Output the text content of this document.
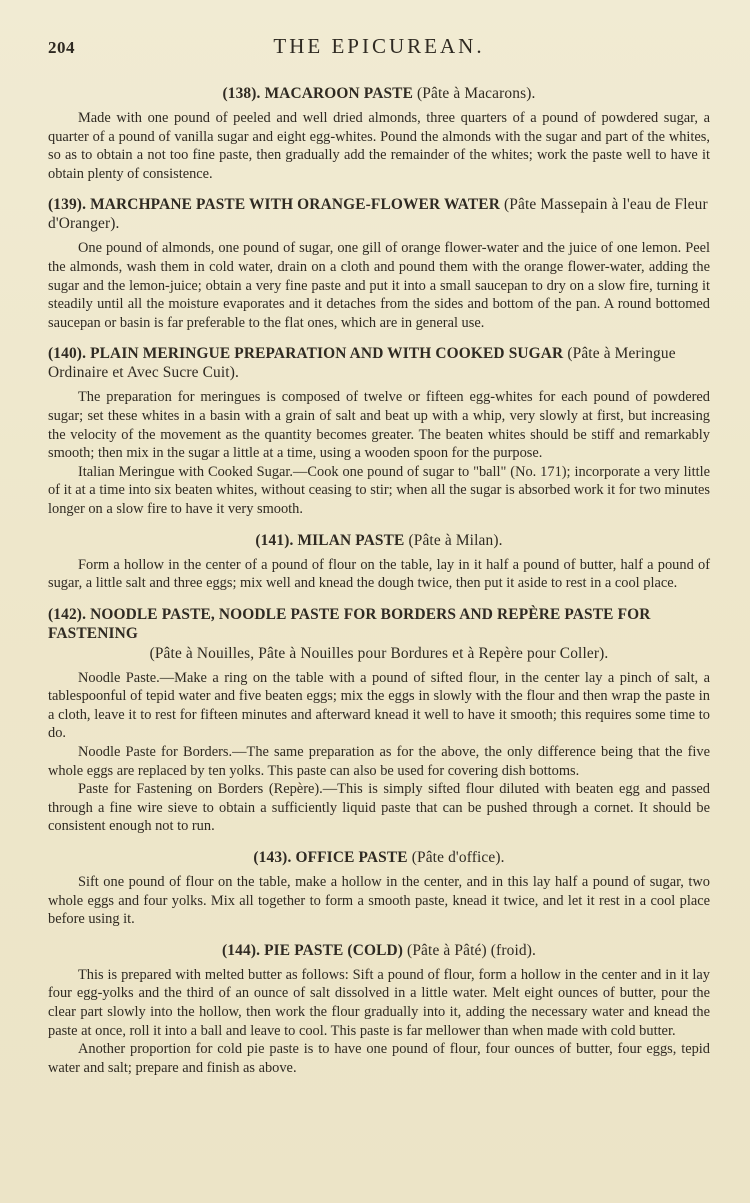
204	THE EPICUREAN.
(138). MACAROON PASTE (Pâte à Macarons).

Made with one pound of peeled and well dried almonds, three quarters of a pound of powdered sugar, a quarter of a pound of vanilla sugar and eight egg-whites. Pound the almonds with the sugar and part of the whites, so as to obtain a not too fine paste, then gradually add the remainder of the whites; work the paste well to have it obtain plenty of consistence.

(139). MARCHPANE PASTE WITH ORANGE-FLOWER WATER (Pâte Massepain à l'eau de Fleur d'Oranger).

One pound of almonds, one pound of sugar, one gill of orange flower-water and the juice of one lemon. Peel the almonds, wash them in cold water, drain on a cloth and pound them with the orange flower-water, adding the sugar and the lemon-juice; obtain a very fine paste and put it into a small saucepan to dry on a slow fire, turning it steadily until all the moisture evaporates and it detaches from the sides and bottom of the pan. A round bottomed saucepan or basin is far preferable to the flat ones, which are in general use.

(140). PLAIN MERINGUE PREPARATION AND WITH COOKED SUGAR (Pâte à Meringue Ordinaire et Avec Sucre Cuit).

The preparation for meringues is composed of twelve or fifteen egg-whites for each pound of powdered sugar; set these whites in a basin with a grain of salt and beat up with a whip, very slowly at first, but increasing the velocity of the movement as the quantity becomes greater. The beaten whites should be stiff and remarkably smooth; then mix in the sugar a little at a time, using a wooden spoon for the purpose.

Italian Meringue with Cooked Sugar.—Cook one pound of sugar to "ball" (No. 171); incorporate a very little of it at a time into six beaten whites, without ceasing to stir; when all the sugar is absorbed work it for two minutes longer on a slow fire to have it very smooth.

(141). MILAN PASTE (Pâte à Milan).

Form a hollow in the center of a pound of flour on the table, lay in it half a pound of butter, half a pound of sugar, a little salt and three eggs; mix well and knead the dough twice, then put it aside to rest in a cool place.

(142). NOODLE PASTE, NOODLE PASTE FOR BORDERS AND REPÈRE PASTE FOR FASTENING
(Pâte à Nouilles, Pâte à Nouilles pour Bordures et à Repère pour Coller).

Noodle Paste.—Make a ring on the table with a pound of sifted flour, in the center lay a pinch of salt, a tablespoonful of tepid water and five beaten eggs; mix the eggs in slowly with the flour and then wrap the paste in a cloth, leave it to rest for fifteen minutes and afterward knead it well to have it smooth; this requires some time to do.

Noodle Paste for Borders.—The same preparation as for the above, the only difference being that the five whole eggs are replaced by ten yolks. This paste can also be used for covering dish bottoms.

Paste for Fastening on Borders (Repère).—This is simply sifted flour diluted with beaten egg and passed through a fine wire sieve to obtain a sufficiently liquid paste that can be pushed through a cornet. It should be consistent enough not to run.

(143). OFFICE PASTE (Pâte d'office).

Sift one pound of flour on the table, make a hollow in the center, and in this lay half a pound of sugar, two whole eggs and four yolks. Mix all together to form a smooth paste, knead it twice, and let it rest in a cool place before using it.

(144). PIE PASTE (COLD) (Pâte à Pâté) (froid).

This is prepared with melted butter as follows: Sift a pound of flour, form a hollow in the center and in it lay four egg-yolks and the third of an ounce of salt dissolved in a little water. Melt eight ounces of butter, pour the clear part slowly into the hollow, then work the flour gradually into it, adding the necessary water and knead the paste at once, roll it into a ball and leave to cool. This paste is far mellower than when made with cold butter.

Another proportion for cold pie paste is to have one pound of flour, four ounces of butter, four eggs, tepid water and salt; prepare and finish as above.
